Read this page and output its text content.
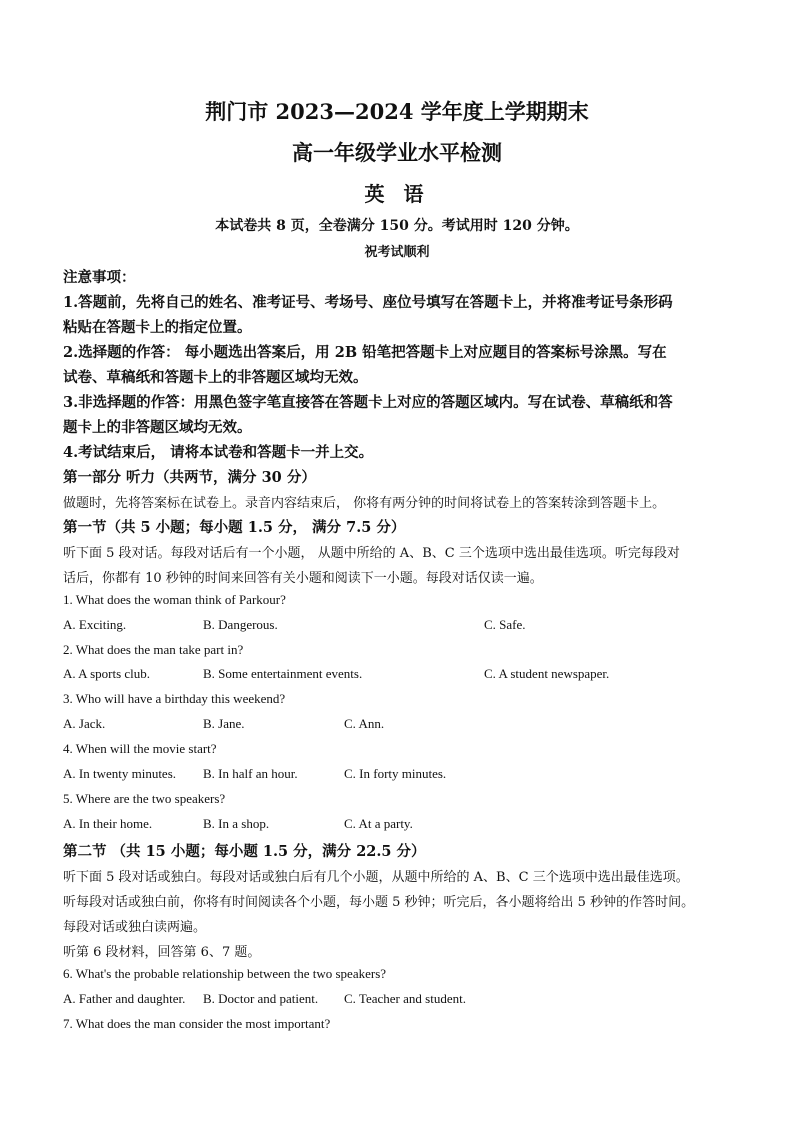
荆门市 2023—2024 学年度上学期期末
高一年级学业水平检测
英 语
本试卷共 8 页，全卷满分 150 分。考试用时 120 分钟。
祝考试顺利
注意事项：
1.答题前，先将自己的姓名、准考证号、考场号、座位号填写在答题卡上，并将准考证号条形码
粘贴在答题卡上的指定位置。
2.选择题的作答： 每小题选出答案后，用 2B 铅笔把答题卡上对应题目的答案标号涂黑。写在
试卷、草稿纸和答题卡上的非答题区域均无效。
3.非选择题的作答：用黑色签字笔直接答在答题卡上对应的答题区域内。写在试卷、草稿纸和答
题卡上的非答题区域均无效。
4.考试结束后， 请将本试卷和答题卡一并上交。
第一部分 听力（共两节，满分 30 分）
做题时，先将答案标在试卷上。录音内容结束后， 你将有两分钟的时间将试卷上的答案转涂到答题卡上。
第一节（共 5 小题；每小题 1.5 分， 满分 7.5 分）
听下面 5 段对话。每段对话后有一个小题， 从题中所给的 A、B、C 三个选项中选出最佳选项。听完每段对
话后，你都有 10 秒钟的时间来回答有关小题和阅读下一小题。每段对话仅读一遍。
1. What does the woman think of Parkour?
A. Exciting.	B. Dangerous.	C. Safe.
2. What does the man take part in?
A. A sports club.	B. Some entertainment events.	C. A student newspaper.
3. Who will have a birthday this weekend?
A. Jack.	B. Jane.	C. Ann.
4. When will the movie start?
A. In twenty minutes. B. In half an hour.	C. In forty minutes.
5. Where are the two speakers?
A. In their home.	B. In a shop.	C. At a party.
第二节 （共 15 小题；每小题 1.5 分，满分 22.5 分）
听下面 5 段对话或独白。每段对话或独白后有几个小题，从题中所给的 A、B、C 三个选项中选出最佳选项。
听每段对话或独白前，你将有时间阅读各个小题，每小题 5 秒钟；听完后，各小题将给出 5 秒钟的作答时间。
每段对话或独白读两遍。
听第 6 段材料，回答第 6、7 题。
6. What's the probable relationship between the two speakers?
A. Father and daughter. B. Doctor and patient. C. Teacher and student.
7. What does the man consider the most important?
